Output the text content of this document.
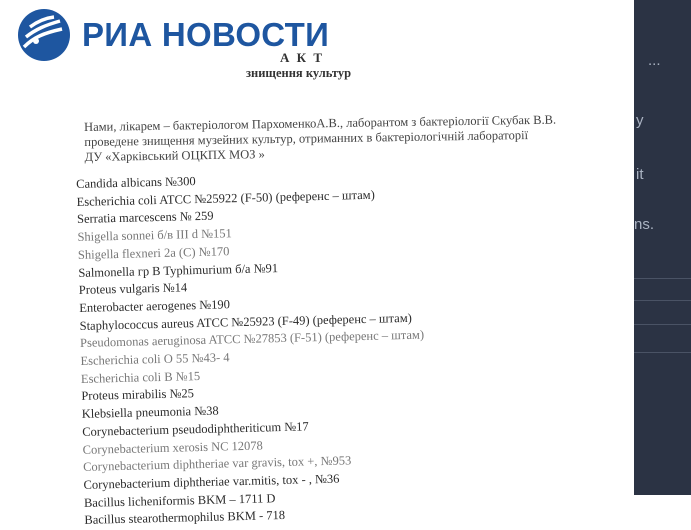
РИА НОВОСТИ
А К Т
знищення культур

Нами, лікарем – бактеріологом ПархоменкоА.В., лаборантом з бактеріології Скубак В.В.

проведене знищення музейних культур, отриманних в бактеріологічній лабораторії

ДУ «Харківський ОЦКПХ МОЗ »

Candida albicans №300
Escherichia coli ATCC №25922 (F-50) (референс – штам)
Serratia marcescens № 259
Shigella sonnei б/в III d №151
Shigella flexneri 2a (C) №170
Salmonella гр B Typhimurium б/а №91
Proteus vulgaris №14
Enterobacter aerogenes №190
Staphylococcus aureus ATCC №25923 (F-49) (референс – штам)
Pseudomonas aeruginosa ATCC №27853 (F-51) (референс – штам)
Escherichia coli O 55 №43- 4
Escherichia coli B №15
Proteus mirabilis №25
Klebsiella pneumonia №38
Corynebacterium pseudodiphtheriticum №17
Corynebacterium xerosis NC 12078
Corynebacterium diphtheriae var gravis, tox +, №953
Corynebacterium diphtheriae var.mitis, tox - , №36
Bacillus licheniformis BKM – 1711 D
Bacillus stearothermophilus BKM - 718
...
y
it
ns.
